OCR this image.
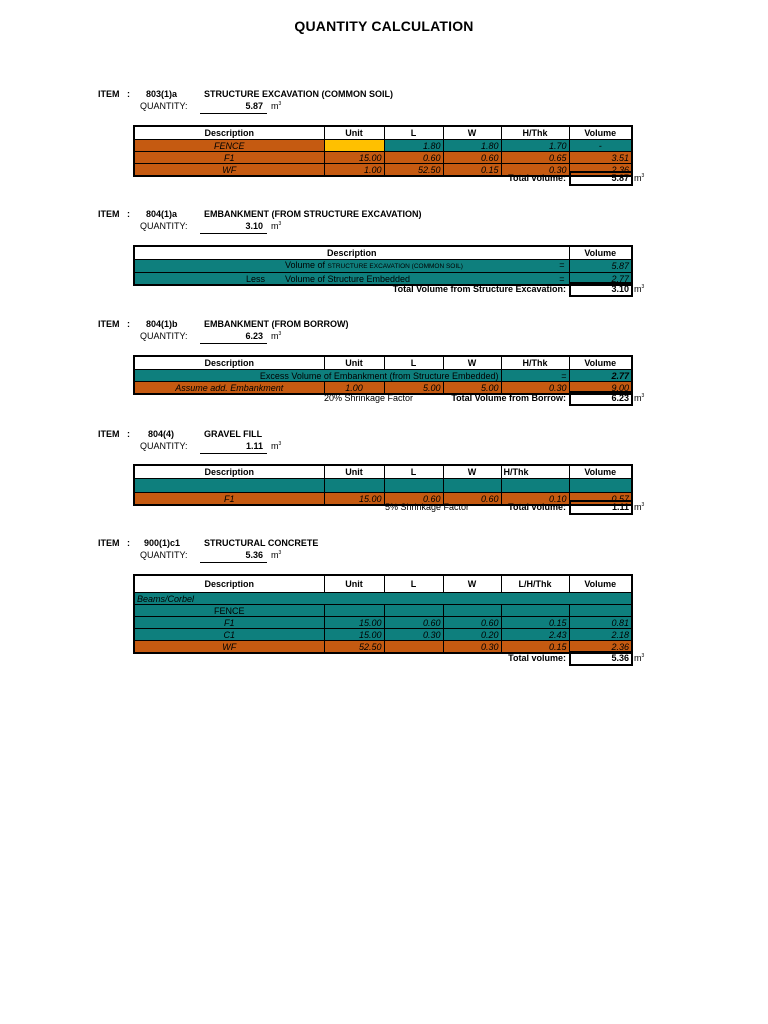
QUANTITY CALCULATION
ITEM : 803(1)a	STRUCTURE EXCAVATION (COMMON SOIL)
QUANTITY:	5.87 $m^3$
Description	Unit	L	W	H/Thk	Volume
FENCE		1.80	1.80	1.70	-
F1	15.00	0.60	0.60	0.65	3.51
WF	1.00	52.50	0.15	0.30	2.36
Total volume:	5.87 $m^3$
ITEM : 804(1)a	EMBANKMENT (FROM STRUCTURE EXCAVATION)
QUANTITY:	3.10 $m^3$
Description	Volume
Volume of STRUCTURE EXCAVATION (COMMON SOIL) =	5.87
Less Volume of Structure Embedded =	2.77
Total Volume from Structure Excavation:	3.10 $m^3$
ITEM : 804(1)b	EMBANKMENT (FROM BORROW)
QUANTITY:	6.23 $m^3$
Description	Unit	L	W	H/Thk	Volume
Excess Volume of Embankment (from Structure Embedded)				=	2.77
Assume add. Embankment	1.00	5.00	5.00	0.30	9.00
20% Shrinkage Factor	Total Volume from Borrow:	6.23 $m^3$
ITEM : 804(4)	GRAVEL FILL
QUANTITY:	1.11 $m^3$
Description	Unit	L	W	H/Thk	Volume

F1	15.00	0.60	0.60	0.10	0.57
5% Shrinkage Factor	Total volume:	1.11 $m^3$
ITEM : 900(1)c1	STRUCTURAL CONCRETE
QUANTITY:	5.36 $m^3$
Description	Unit	L	W	L/H/Thk	Volume
Beams/Corbel					
FENCE					
F1	15.00	0.60	0.60	0.15	0.81
C1	15.00	0.30	0.20	2.43	2.18
WF	52.50		0.30	0.15	2.36
Total volume:	5.36 $m^3$
